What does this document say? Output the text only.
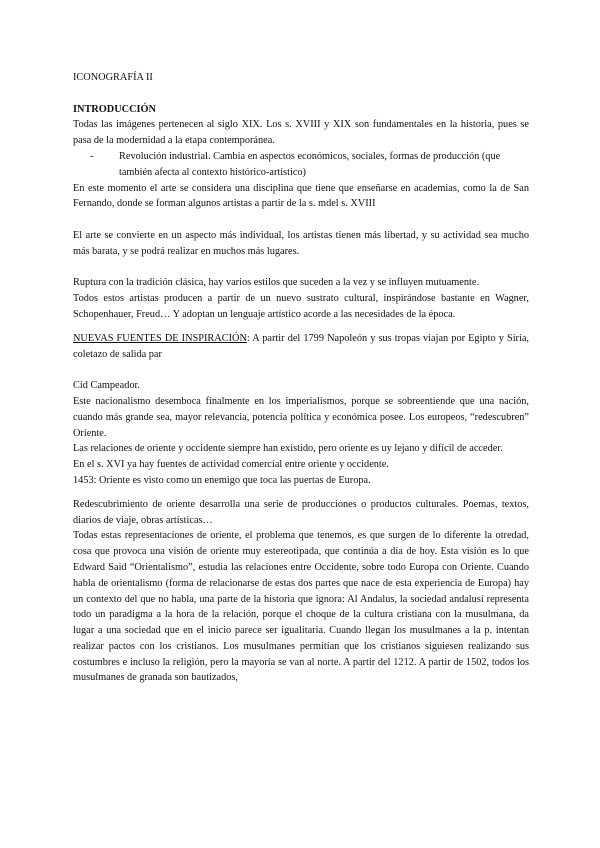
ICONOGRAFÍA II

INTRODUCCIÓN

Todas las imágenes pertenecen al siglo XIX. Los s. XVIII y XIX son fundamentales en la historia, pues se pasa de la modernidad a la etapa contemporánea.

- Revolución industrial. Cambia en aspectos económicos, sociales, formas de producción (que también afecta al contexto histórico-artístico)

En este momento el arte se considera una disciplina que tiene que enseñarse en academias, como la de San Fernando, donde se forman algunos artistas a partir de la s. mdel s. XVIII

El arte se convierte en un aspecto más individual, los artistas tienen más libertad, y su actividad sea mucho más barata, y se podrá realizar en muchos más lugares.

Ruptura con la tradición clásica, hay varios estilos que suceden a la vez y se influyen mutuamente.

Todos estos artistas producen a partir de un nuevo sustrato cultural, inspirándose bastante en Wagner, Schopenhauer, Freud… Y adoptan un lenguaje artístico acorde a las necesidades de la época.

NUEVAS FUENTES DE INSPIRACIÓN: A partir del 1799 Napoleón y sus tropas viajan por Egipto y Siria, coletazo de salida par

Cid Campeador.

Este nacionalismo desemboca finalmente en los imperialismos, porque se sobreentiende que una nación, cuando más grande sea, mayor relevancia, potencia política y económica posee. Los europeos, “redescubren” Oriente.

Las relaciones de oriente y occidente siempre han existido, pero oriente es uy lejano y difícil de acceder.

En el s. XVI ya hay fuentes de actividad comercial entre oriente y occidente.

1453: Oriente es visto como un enemigo que toca las puertas de Europa.

Redescubrimiento de oriente desarrolla una serie de producciones o productos culturales. Poemas, textos, diarios de viaje, obras artísticas…

Todas estas representaciones de oriente, el problema que tenemos, es que surgen de lo diferente la otredad, cosa que provoca una visión de oriente muy estereotipada, que continúa a día de hoy. Esta visión es lo que Edward Said “Orientalismo”, estudia las relaciones entre Occidente, sobre todo Europa con Oriente. Cuando habla de orientalismo (forma de relacionarse de estas dos partes que nace de esta experiencia de Europa) hay un contexto del que no habla, una parte de la historia que ignora: Al Andalus, la sociedad andalusí representa todo un paradigma a la hora de la relación, porque el choque de la cultura cristiana con la musulmana, da lugar a una sociedad que en el inicio parece ser igualitaria. Cuando llegan los musulmanes a la p. intentan realizar pactos con los cristianos. Los musulmanes permitían que los cristianos siguiesen realizando sus costumbres e incluso la religión, pero la mayoría se van al norte. A partir del 1212. A partir de 1502, todos los musulmanes de granada son bautizados,
